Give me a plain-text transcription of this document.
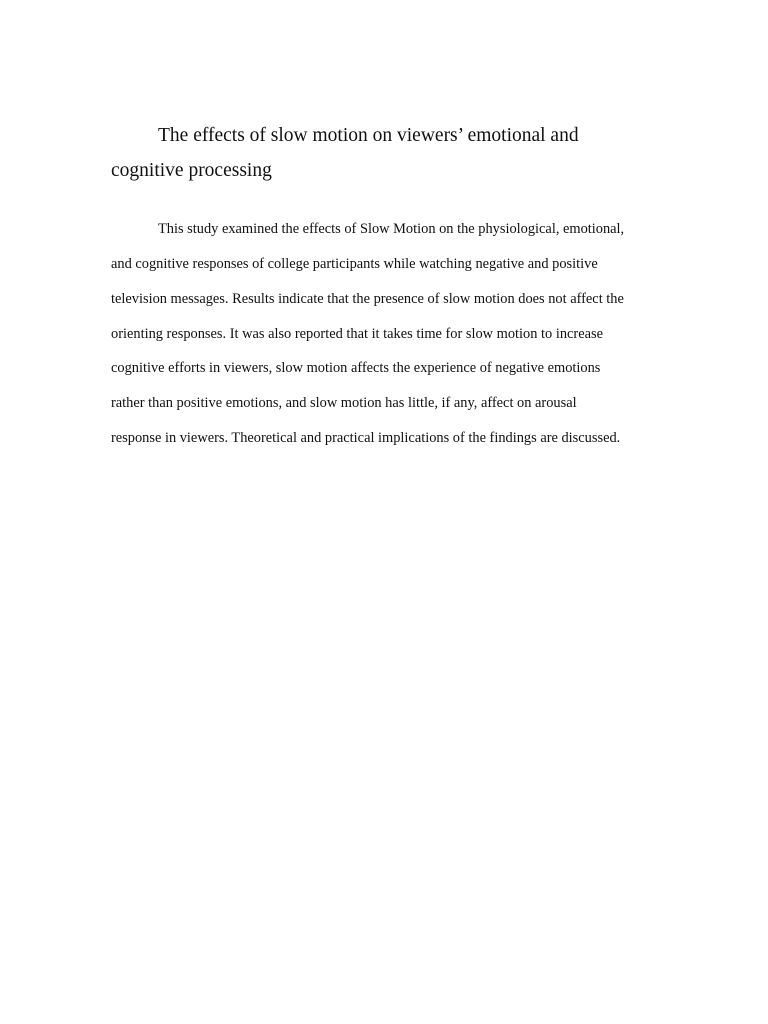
The effects of slow motion on viewers’ emotional and
cognitive processing

This study examined the effects of Slow Motion on the physiological, emotional,

and cognitive responses of college participants while watching negative and positive

television messages. Results indicate that the presence of slow motion does not affect the

orienting responses. It was also reported that it takes time for slow motion to increase

cognitive efforts in viewers, slow motion affects the experience of negative emotions

rather than positive emotions, and slow motion has little, if any, affect on arousal

response in viewers. Theoretical and practical implications of the findings are discussed.
